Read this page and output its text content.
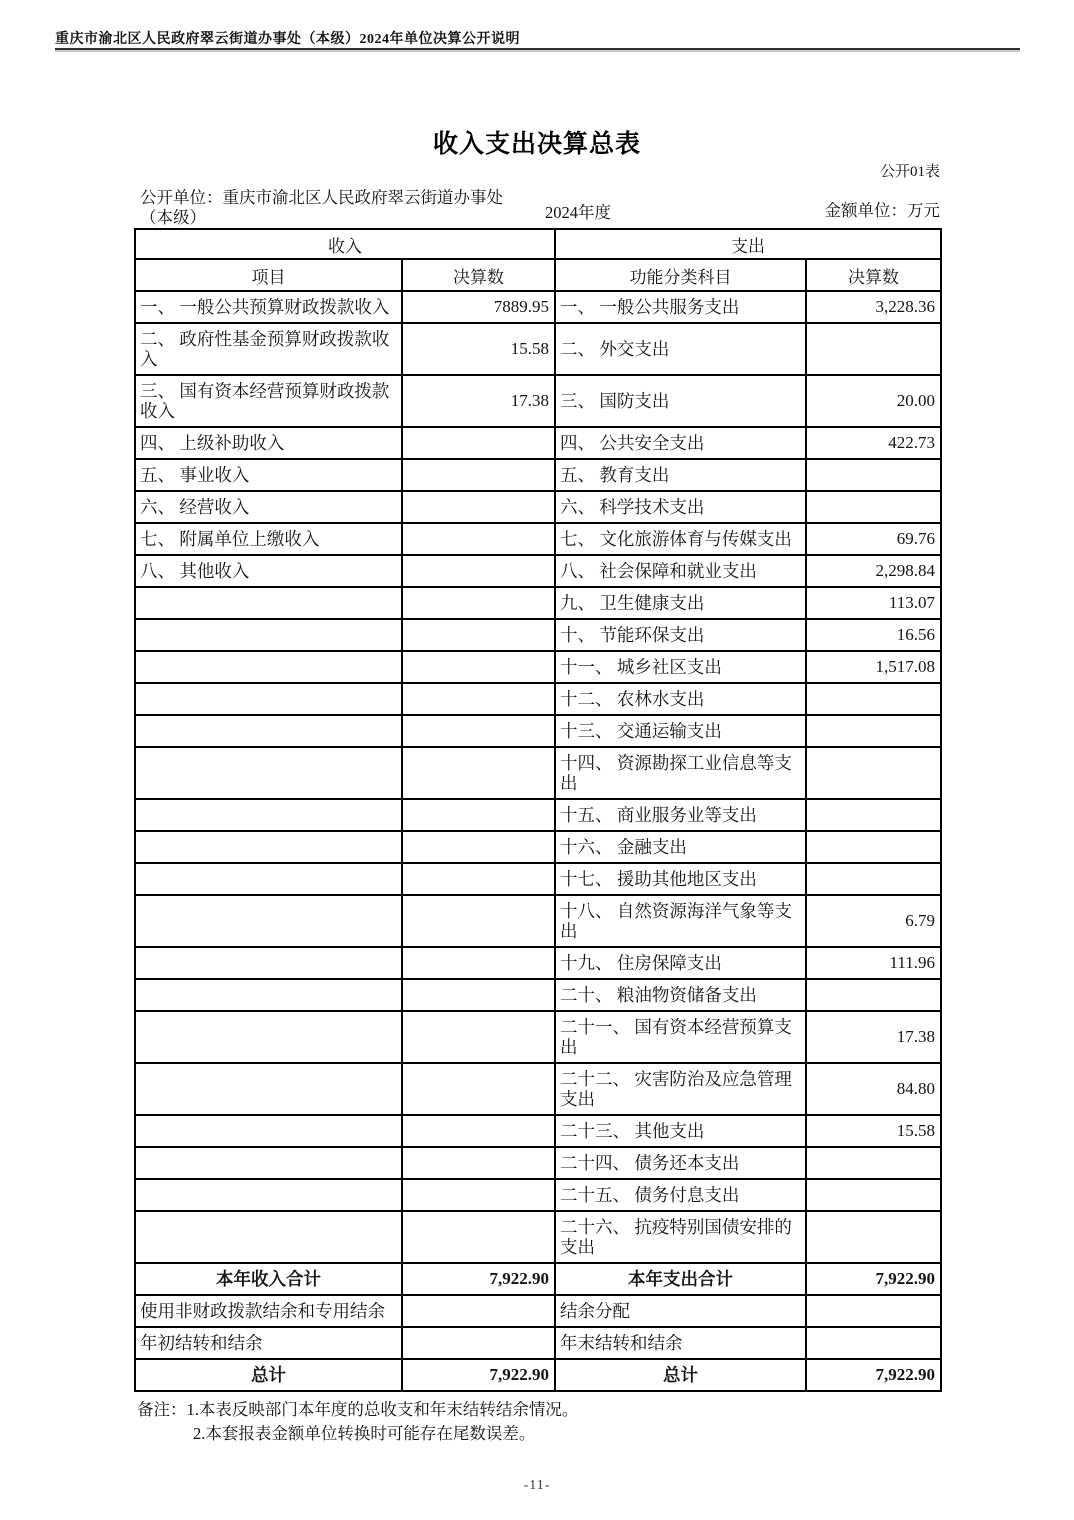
重庆市渝北区人民政府翠云街道办事处（本级）2024年单位决算公开说明
收入支出决算总表
公开01表
公开单位：重庆市渝北区人民政府翠云街道办事处（本级）	2024年度	金额单位：万元
收入		支出	
项目	决算数	功能分类科目	决算数
一、 一般公共预算财政拨款收入	7889.95	一、 一般公共服务支出	3,228.36
二、 政府性基金预算财政拨款收入	15.58	二、 外交支出	
三、 国有资本经营预算财政拨款收入	17.38	三、 国防支出	20.00
四、 上级补助收入		四、 公共安全支出	422.73
五、 事业收入		五、 教育支出	
六、 经营收入		六、 科学技术支出	
七、 附属单位上缴收入		七、 文化旅游体育与传媒支出	69.76
八、 其他收入		八、 社会保障和就业支出	2,298.84
		九、 卫生健康支出	113.07
		十、 节能环保支出	16.56
		十一、 城乡社区支出	1,517.08
		十二、 农林水支出	
		十三、 交通运输支出	
		十四、 资源勘探工业信息等支出	
		十五、 商业服务业等支出	
		十六、 金融支出	
		十七、 援助其他地区支出	
		十八、 自然资源海洋气象等支出	6.79
		十九、 住房保障支出	111.96
		二十、 粮油物资储备支出	
		二十一、 国有资本经营预算支出	17.38
		二十二、 灾害防治及应急管理支出	84.80
		二十三、 其他支出	15.58
		二十四、 债务还本支出	
		二十五、 债务付息支出	
		二十六、 抗疫特别国债安排的支出	
本年收入合计	7,922.90	本年支出合计	7,922.90
使用非财政拨款结余和专用结余		结余分配	
年初结转和结余		年末结转和结余	
总计	7,922.90	总计	7,922.90
备注：1.本表反映部门本年度的总收支和年末结转结余情况。
2.本套报表金额单位转换时可能存在尾数误差。
-11-
